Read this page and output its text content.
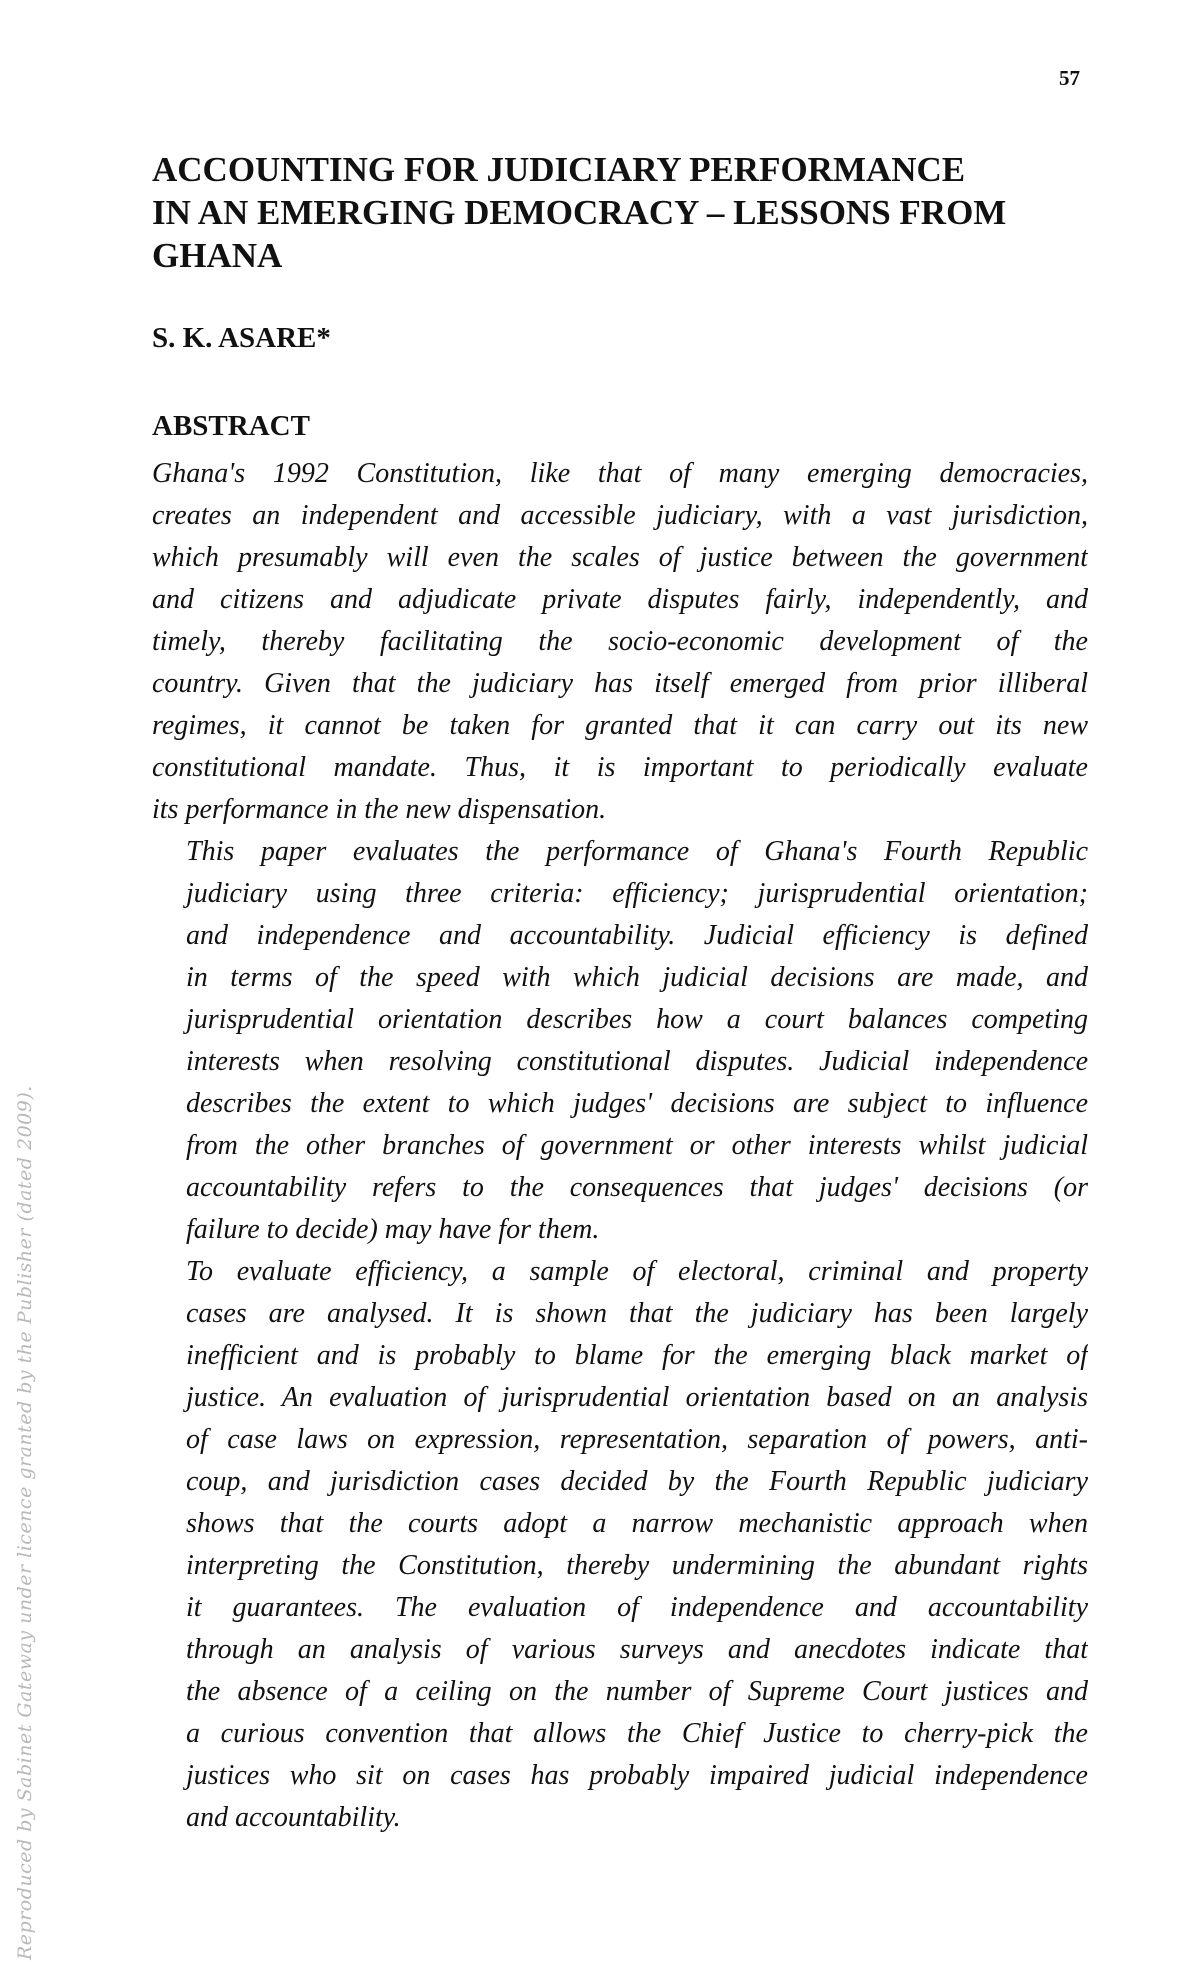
57
ACCOUNTING FOR JUDICIARY PERFORMANCE
IN AN EMERGING DEMOCRACY – LESSONS FROM
GHANA
S. K. ASARE*
ABSTRACT

Ghana's 1992 Constitution, like that of many emerging democracies,
creates an independent and accessible judiciary, with a vast jurisdiction,
which presumably will even the scales of justice between the government
and citizens and adjudicate private disputes fairly, independently, and
timely, thereby facilitating the socio-economic development of the
country. Given that the judiciary has itself emerged from prior illiberal
regimes, it cannot be taken for granted that it can carry out its new
constitutional mandate. Thus, it is important to periodically evaluate
its performance in the new dispensation.

This paper evaluates the performance of Ghana's Fourth Republic
judiciary using three criteria: efficiency; jurisprudential orientation;
and independence and accountability. Judicial efficiency is defined
in terms of the speed with which judicial decisions are made, and
jurisprudential orientation describes how a court balances competing
interests when resolving constitutional disputes. Judicial independence
describes the extent to which judges' decisions are subject to influence
from the other branches of government or other interests whilst judicial
accountability refers to the consequences that judges' decisions (or
failure to decide) may have for them.

To evaluate efficiency, a sample of electoral, criminal and property
cases are analysed. It is shown that the judiciary has been largely
inefficient and is probably to blame for the emerging black market of
justice. An evaluation of jurisprudential orientation based on an analysis
of case laws on expression, representation, separation of powers, anti-
coup, and jurisdiction cases decided by the Fourth Republic judiciary
shows that the courts adopt a narrow mechanistic approach when
interpreting the Constitution, thereby undermining the abundant rights
it guarantees. The evaluation of independence and accountability
through an analysis of various surveys and anecdotes indicate that
the absence of a ceiling on the number of Supreme Court justices and
a curious convention that allows the Chief Justice to cherry-pick the
justices who sit on cases has probably impaired judicial independence
and accountability.

Reproduced by Sabinet Gateway under licence granted by the Publisher (dated 2009).
